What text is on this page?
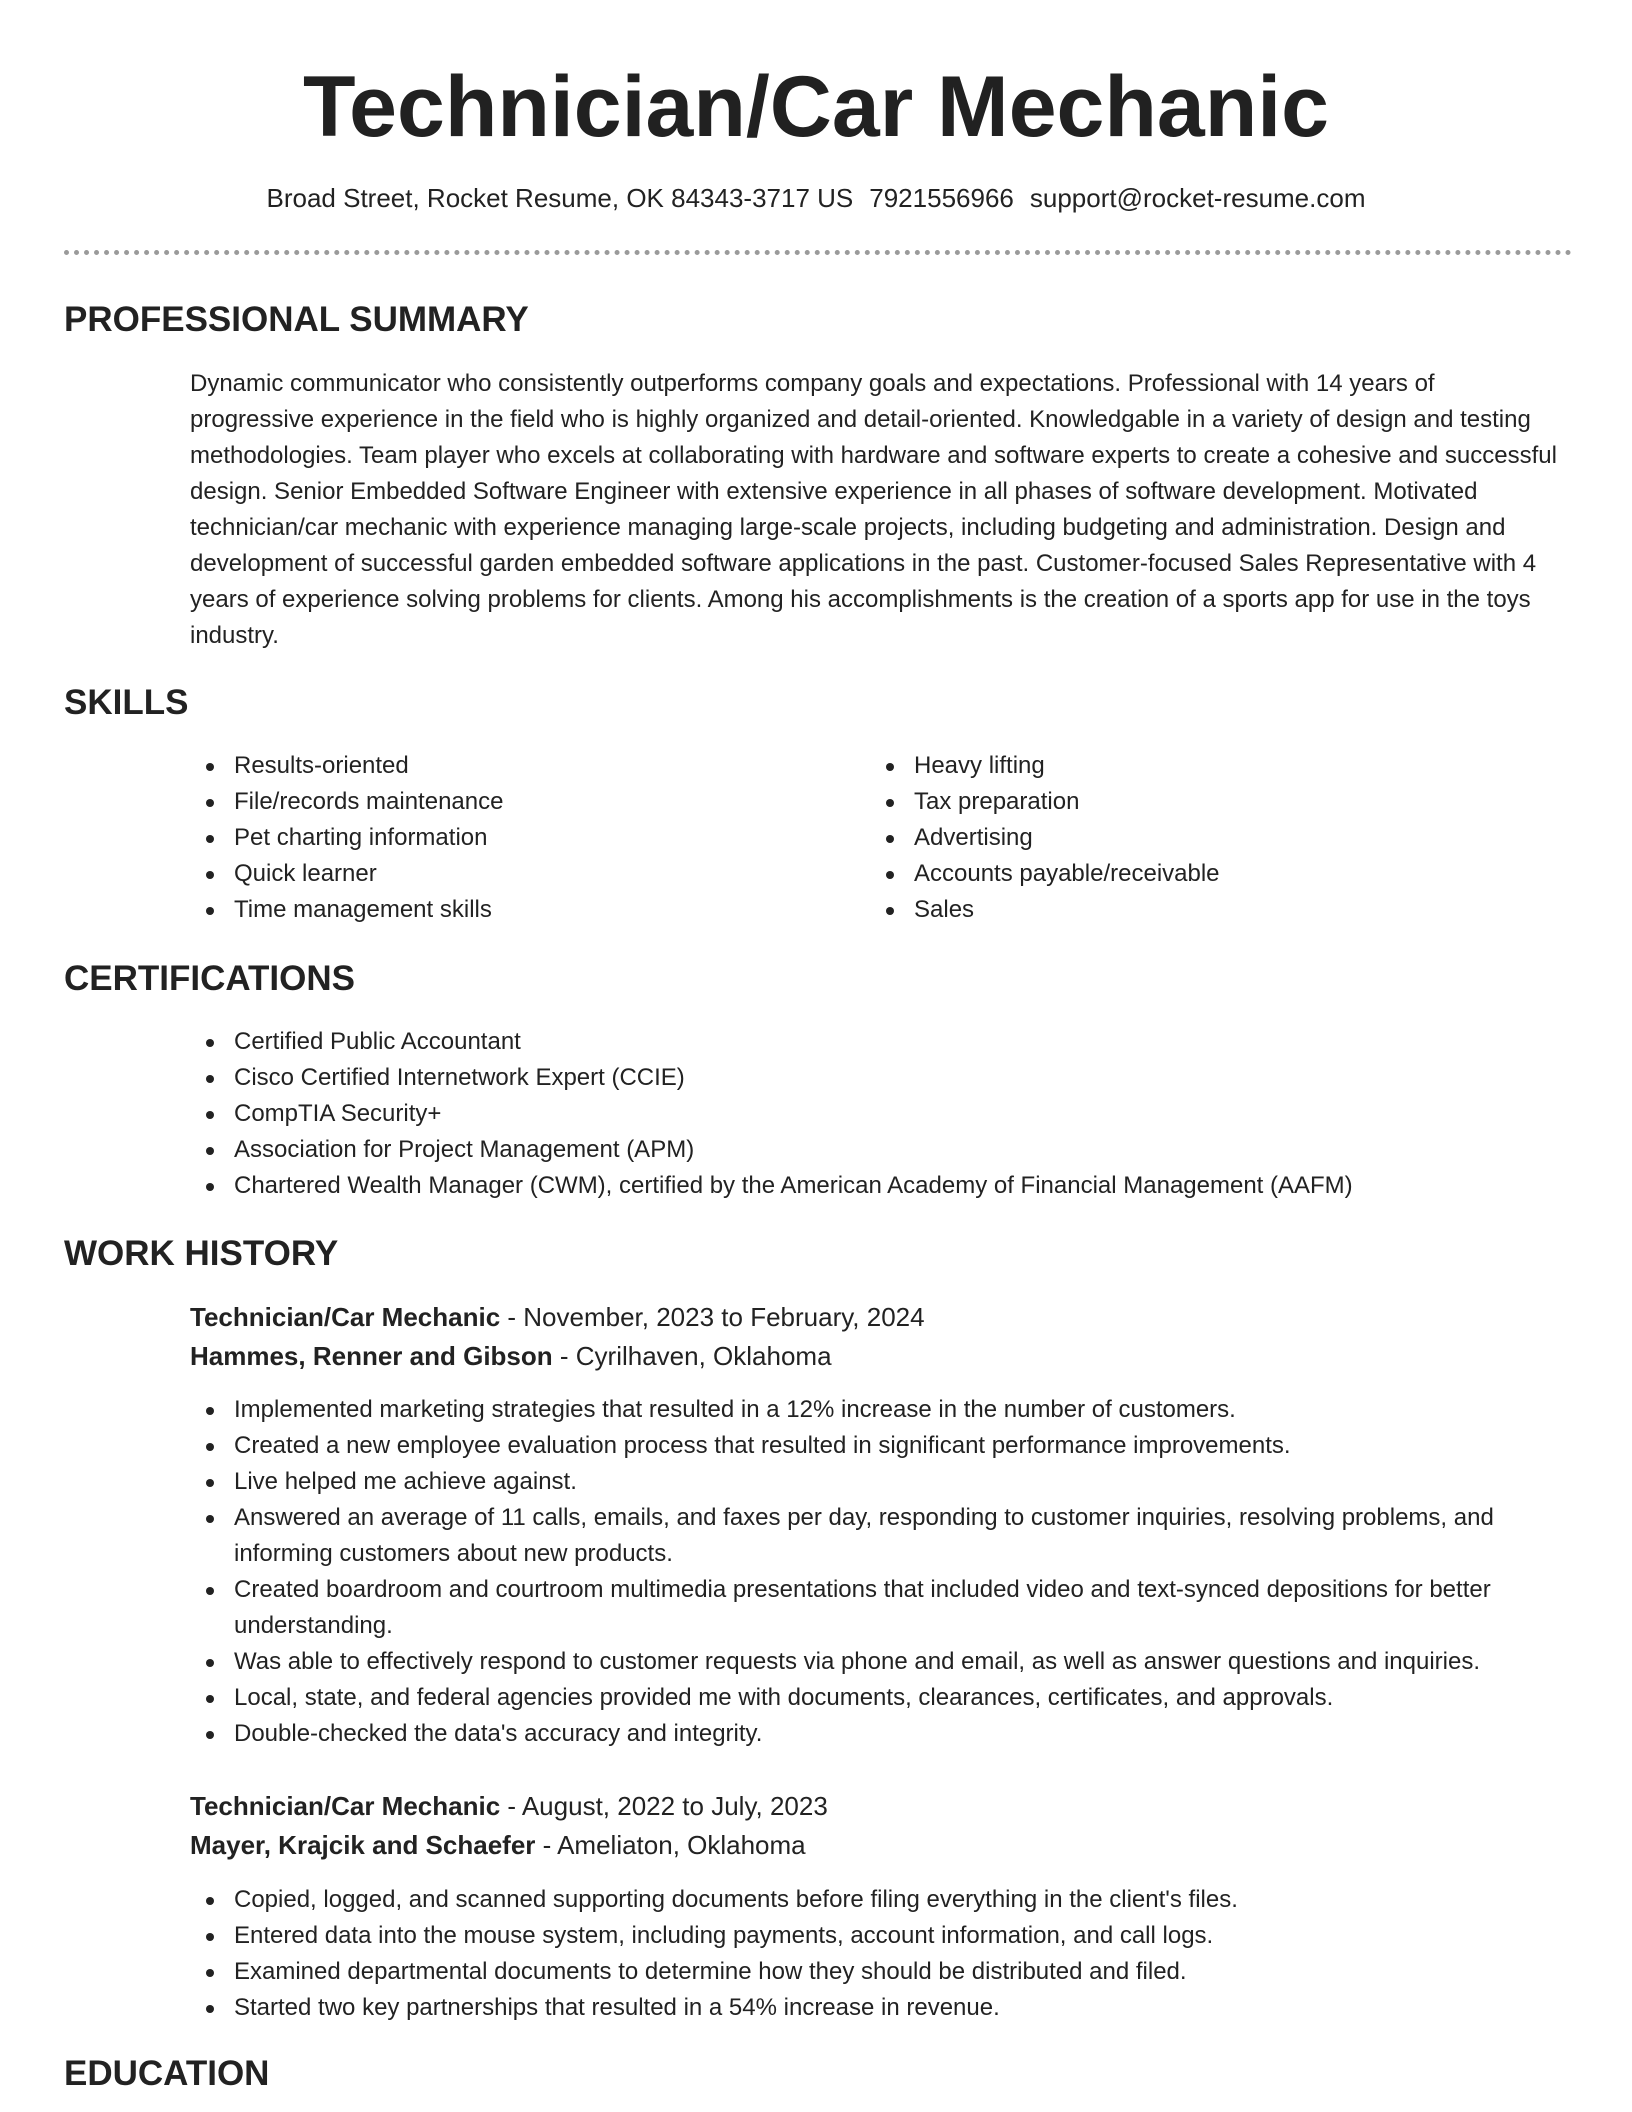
Technician/Car Mechanic
Broad Street, Rocket Resume, OK 84343-3717 US 7921556966 support@rocket-resume.com
PROFESSIONAL SUMMARY

Dynamic communicator who consistently outperforms company goals and expectations. Professional with 14 years of progressive experience in the field who is highly organized and detail-oriented. Knowledgable in a variety of design and testing methodologies. Team player who excels at collaborating with hardware and software experts to create a cohesive and successful design. Senior Embedded Software Engineer with extensive experience in all phases of software development. Motivated technician/car mechanic with experience managing large-scale projects, including budgeting and administration. Design and development of successful garden embedded software applications in the past. Customer-focused Sales Representative with 4 years of experience solving problems for clients. Among his accomplishments is the creation of a sports app for use in the toys industry.

SKILLS
Results-oriented
File/records maintenance
Pet charting information
Quick learner
Time management skills
Heavy lifting
Tax preparation
Advertising
Accounts payable/receivable
Sales
CERTIFICATIONS
Certified Public Accountant
Cisco Certified Internetwork Expert (CCIE)
CompTIA Security+
Association for Project Management (APM)
Chartered Wealth Manager (CWM), certified by the American Academy of Financial Management (AAFM)
WORK HISTORY
Technician/Car Mechanic - November, 2023 to February, 2024
Hammes, Renner and Gibson - Cyrilhaven, Oklahoma
Implemented marketing strategies that resulted in a 12% increase in the number of customers.
Created a new employee evaluation process that resulted in significant performance improvements.
Live helped me achieve against.
Answered an average of 11 calls, emails, and faxes per day, responding to customer inquiries, resolving problems, and informing customers about new products.
Created boardroom and courtroom multimedia presentations that included video and text-synced depositions for better understanding.
Was able to effectively respond to customer requests via phone and email, as well as answer questions and inquiries.
Local, state, and federal agencies provided me with documents, clearances, certificates, and approvals.
Double-checked the data's accuracy and integrity.
Technician/Car Mechanic - August, 2022 to July, 2023
Mayer, Krajcik and Schaefer - Ameliaton, Oklahoma
Copied, logged, and scanned supporting documents before filing everything in the client's files.
Entered data into the mouse system, including payments, account information, and call logs.
Examined departmental documents to determine how they should be distributed and filed.
Started two key partnerships that resulted in a 54% increase in revenue.
EDUCATION
